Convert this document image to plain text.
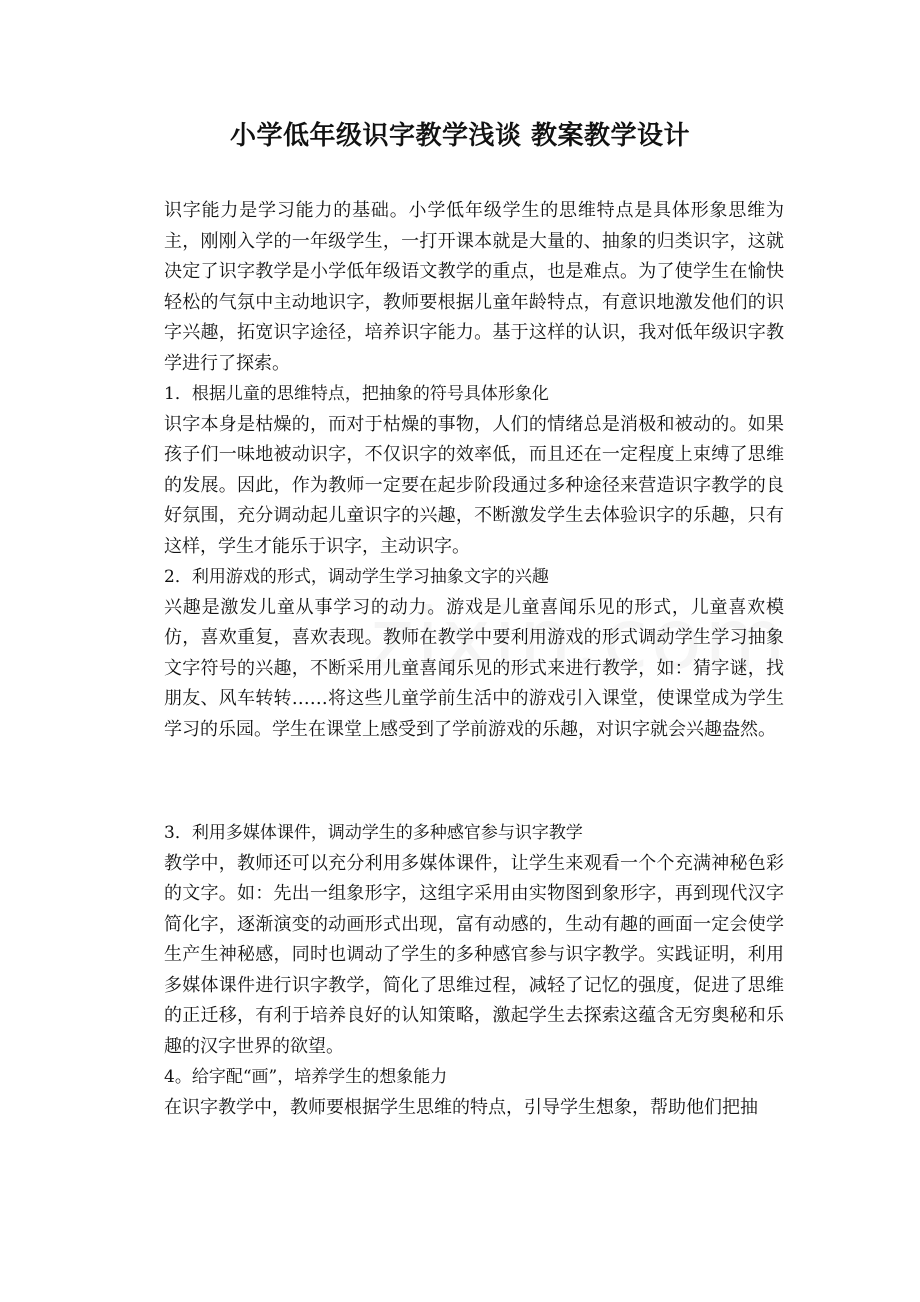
小学低年级识字教学浅谈 教案教学设计

识字能力是学习能力的基础。小学低年级学生的思维特点是具体形象思维为主，刚刚入学的一年级学生，一打开课本就是大量的、抽象的归类识字，这就决定了识字教学是小学低年级语文教学的重点，也是难点。为了使学生在愉快轻松的气氛中主动地识字，教师要根据儿童年龄特点，有意识地激发他们的识字兴趣，拓宽识字途径，培养识字能力。基于这样的认识，我对低年级识字教学进行了探索。

1．根据儿童的思维特点，把抽象的符号具体形象化

识字本身是枯燥的，而对于枯燥的事物，人们的情绪总是消极和被动的。如果孩子们一味地被动识字，不仅识字的效率低，而且还在一定程度上束缚了思维的发展。因此，作为教师一定要在起步阶段通过多种途径来营造识字教学的良好氛围，充分调动起儿童识字的兴趣，不断激发学生去体验识字的乐趣，只有这样，学生才能乐于识字，主动识字。

2．利用游戏的形式，调动学生学习抽象文字的兴趣

兴趣是激发儿童从事学习的动力。游戏是儿童喜闻乐见的形式，儿童喜欢模仿，喜欢重复，喜欢表现。教师在教学中要利用游戏的形式调动学生学习抽象文字符号的兴趣，不断采用儿童喜闻乐见的形式来进行教学，如：猜字谜，找朋友、风车转转……将这些儿童学前生活中的游戏引入课堂，使课堂成为学生学习的乐园。学生在课堂上感受到了学前游戏的乐趣，对识字就会兴趣盎然。

3．利用多媒体课件，调动学生的多种感官参与识字教学

教学中，教师还可以充分利用多媒体课件，让学生来观看一个个充满神秘色彩的文字。如：先出一组象形字，这组字采用由实物图到象形字，再到现代汉字简化字，逐渐演变的动画形式出现，富有动感的，生动有趣的画面一定会使学生产生神秘感，同时也调动了学生的多种感官参与识字教学。实践证明，利用多媒体课件进行识字教学，简化了思维过程，减轻了记忆的强度，促进了思维的正迁移，有利于培养良好的认知策略，激起学生去探索这蕴含无穷奥秘和乐趣的汉字世界的欲望。

4。给字配“画”，培养学生的想象能力

在识字教学中，教师要根据学生思维的特点，引导学生想象，帮助他们把抽
